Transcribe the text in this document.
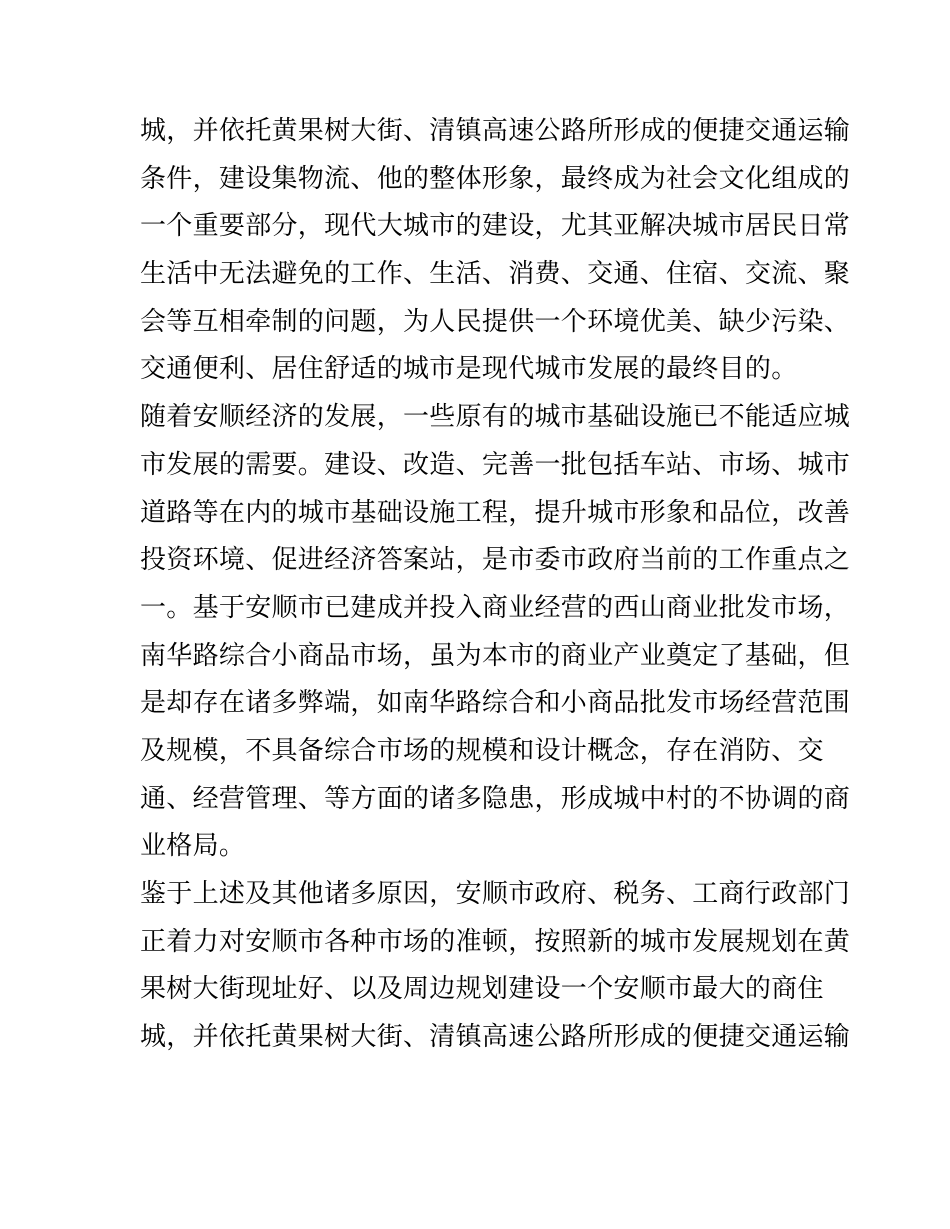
城，并依托黄果树大街、清镇高速公路所形成的便捷交通运输
条件，建设集物流、他的整体形象，最终成为社会文化组成的
一个重要部分，现代大城市的建设，尤其亚解决城市居民日常
生活中无法避免的工作、生活、消费、交通、住宿、交流、聚
会等互相牵制的问题，为人民提供一个环境优美、缺少污染、
交通便利、居住舒适的城市是现代城市发展的最终目的。
随着安顺经济的发展，一些原有的城市基础设施已不能适应城
市发展的需要。建设、改造、完善一批包括车站、市场、城市
道路等在内的城市基础设施工程，提升城市形象和品位，改善
投资环境、促进经济答案站，是市委市政府当前的工作重点之
一。基于安顺市已建成并投入商业经营的西山商业批发市场，
南华路综合小商品市场，虽为本市的商业产业奠定了基础，但
是却存在诸多弊端，如南华路综合和小商品批发市场经营范围
及规模，不具备综合市场的规模和设计概念，存在消防、交
通、经营管理、等方面的诸多隐患，形成城中村的不协调的商
业格局。
鉴于上述及其他诸多原因，安顺市政府、税务、工商行政部门
正着力对安顺市各种市场的准顿，按照新的城市发展规划在黄
果树大街现址好、以及周边规划建设一个安顺市最大的商住
城，并依托黄果树大街、清镇高速公路所形成的便捷交通运输
